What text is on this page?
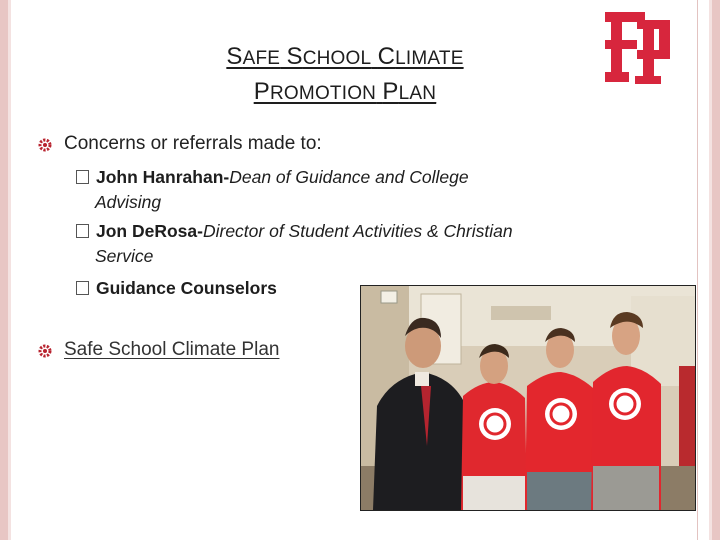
SAFE SCHOOL CLIMATE
PROMOTION PLAN
Concerns or referrals made to:
John Hanrahan-Dean of Guidance and College
Advising
Jon DeRosa-Director of Student Activities & Christian
Service
Guidance Counselors
Safe School Climate Plan
